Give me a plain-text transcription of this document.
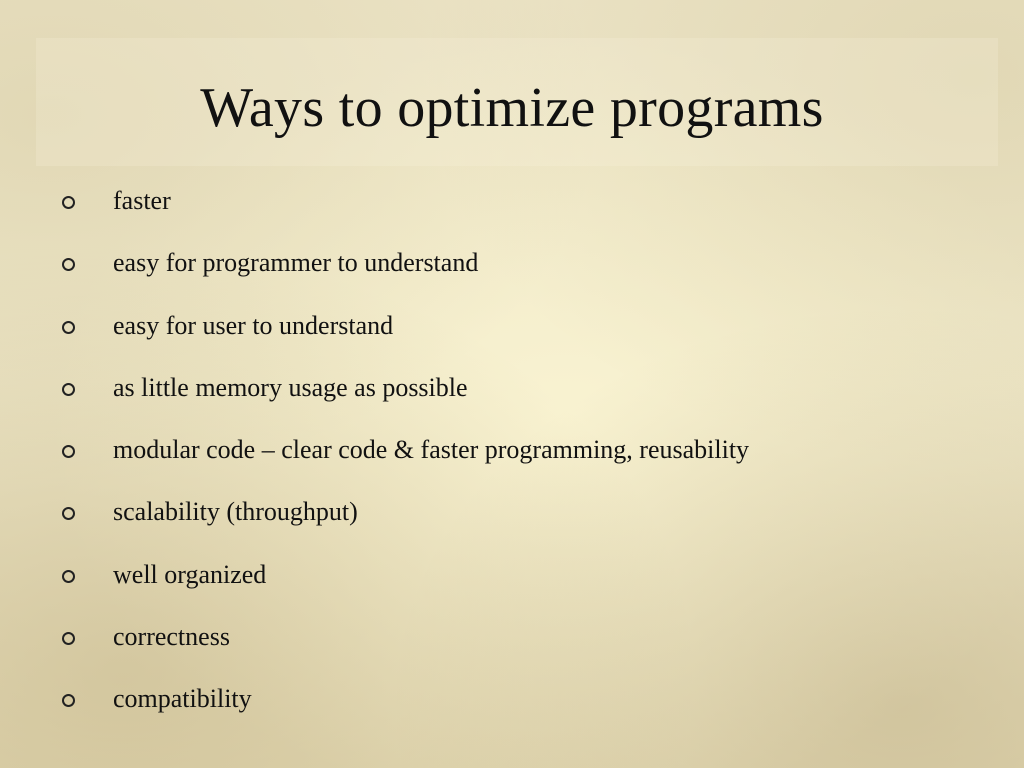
Ways to optimize programs
faster
easy for programmer to understand
easy for user to understand
as little memory usage as possible
modular code – clear code & faster programming, reusability
scalability (throughput)
well organized
correctness
compatibility
